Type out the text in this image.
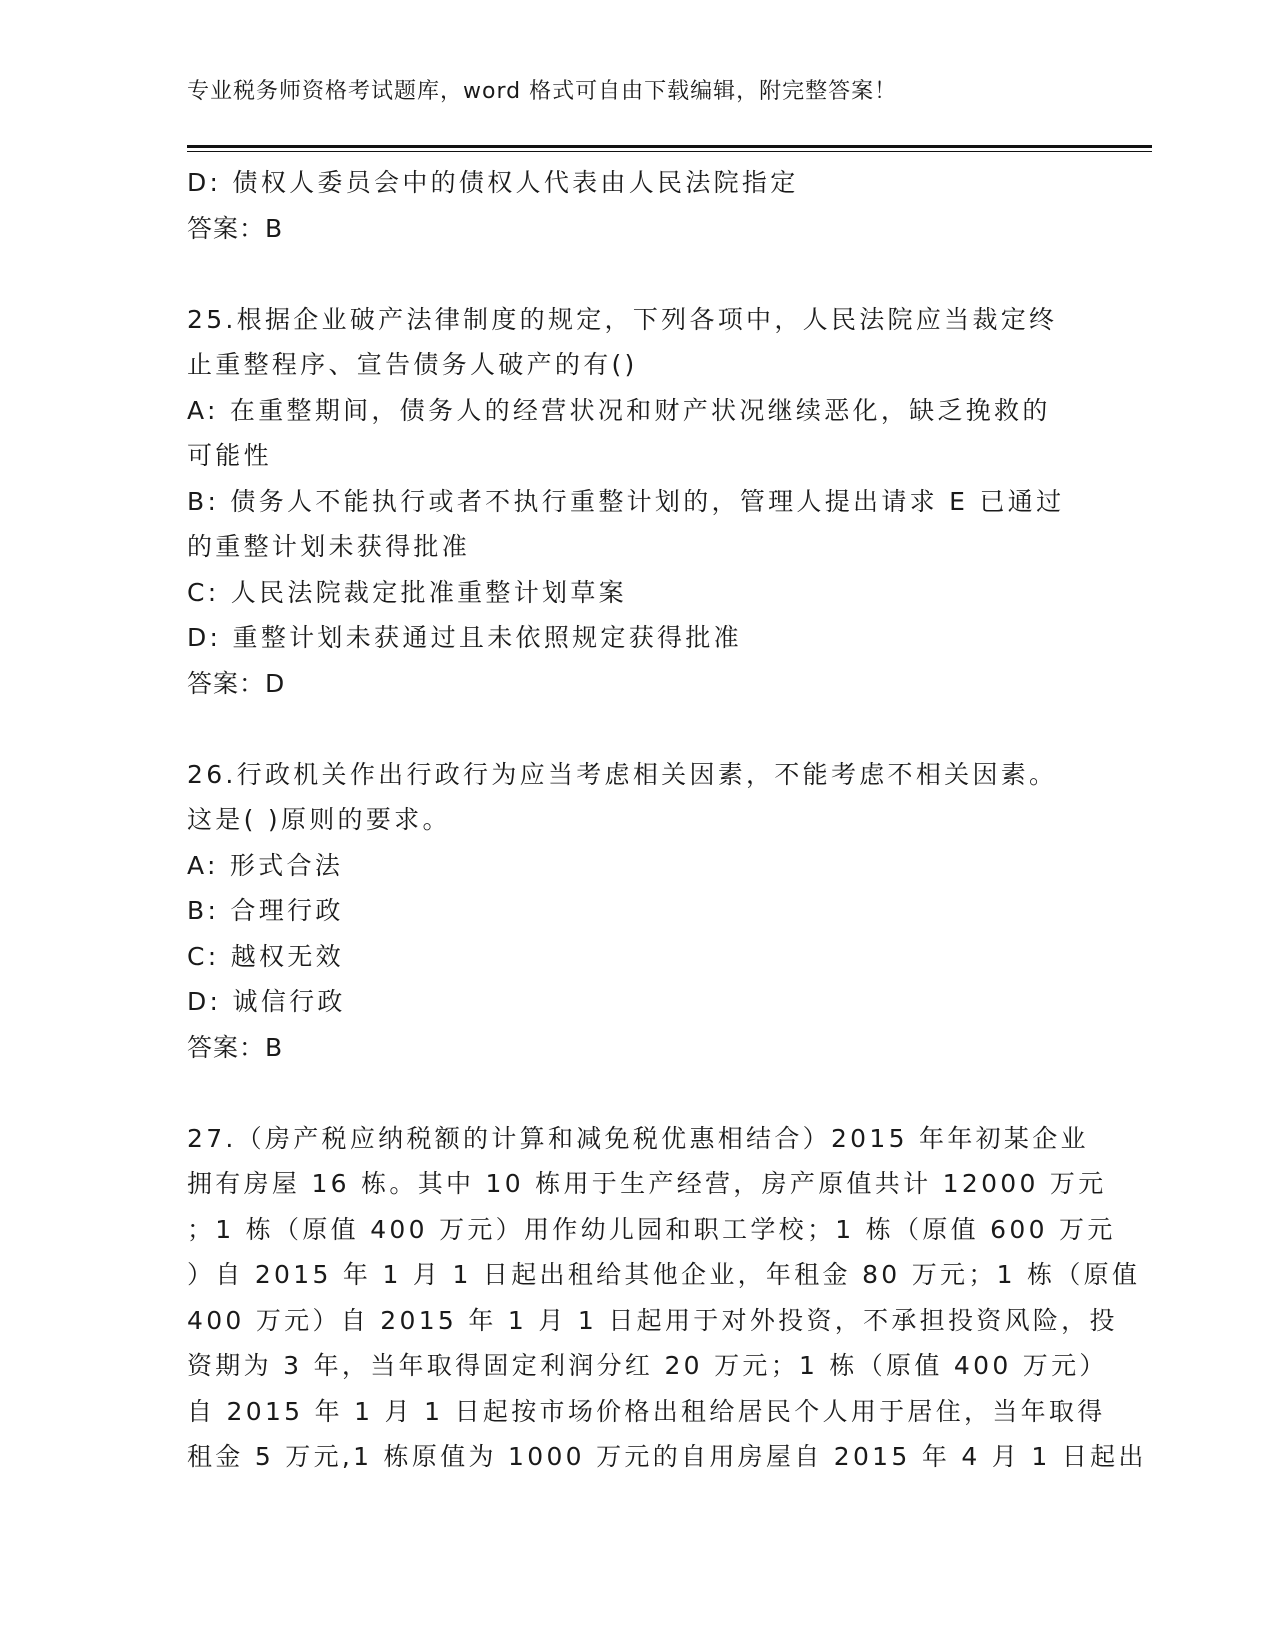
专业税务师资格考试题库，word 格式可自由下载编辑，附完整答案！
D: 债权人委员会中的债权人代表由人民法院指定
答案：B
25.根据企业破产法律制度的规定，下列各项中，人民法院应当裁定终
止重整程序、宣告债务人破产的有()
A: 在重整期间，债务人的经营状况和财产状况继续恶化，缺乏挽救的
可能性
B: 债务人不能执行或者不执行重整计划的，管理人提出请求 E 已通过
的重整计划未获得批准
C: 人民法院裁定批准重整计划草案
D: 重整计划未获通过且未依照规定获得批准
答案：D
26.行政机关作出行政行为应当考虑相关因素，不能考虑不相关因素。
这是( )原则的要求。
A: 形式合法
B: 合理行政
C: 越权无效
D: 诚信行政
答案：B
27.（房产税应纳税额的计算和减免税优惠相结合）2015 年年初某企业
拥有房屋 16 栋。其中 10 栋用于生产经营，房产原值共计 12000 万元
；1 栋（原值 400 万元）用作幼儿园和职工学校；1 栋（原值 600 万元
）自 2015 年 1 月 1 日起出租给其他企业，年租金 80 万元；1 栋（原值
400 万元）自 2015 年 1 月 1 日起用于对外投资，不承担投资风险，投
资期为 3 年，当年取得固定利润分红 20 万元；1 栋（原值 400 万元）
自 2015 年 1 月 1 日起按市场价格出租给居民个人用于居住，当年取得
租金 5 万元,1 栋原值为 1000 万元的自用房屋自 2015 年 4 月 1 日起出
